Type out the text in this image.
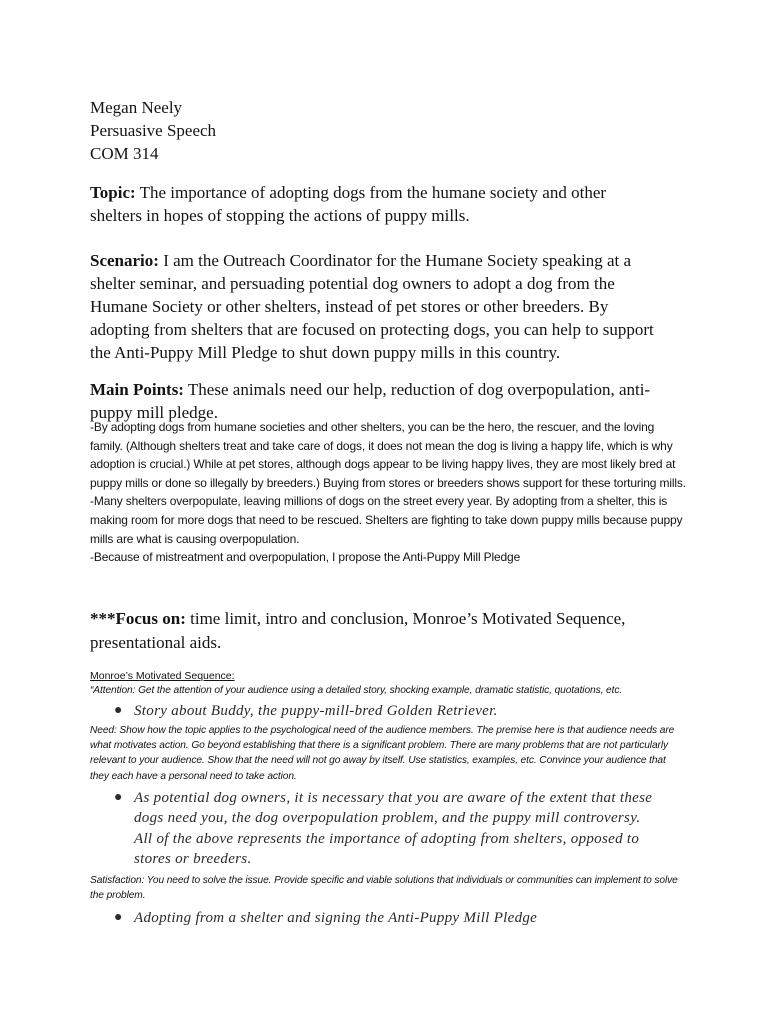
Megan Neely
Persuasive Speech
COM 314
Topic: The importance of adopting dogs from the humane society and other shelters in hopes of stopping the actions of puppy mills.
Scenario: I am the Outreach Coordinator for the Humane Society speaking at a shelter seminar, and persuading potential dog owners to adopt a dog from the Humane Society or other shelters, instead of pet stores or other breeders. By adopting from shelters that are focused on protecting dogs, you can help to support the Anti-Puppy Mill Pledge to shut down puppy mills in this country.
Main Points: These animals need our help, reduction of dog overpopulation, anti- puppy mill pledge.

-By adopting dogs from humane societies and other shelters, you can be the hero, the rescuer, and the loving family. (Although shelters treat and take care of dogs, it does not mean the dog is living a happy life, which is why adoption is crucial.) While at pet stores, although dogs appear to be living happy lives, they are most likely bred at puppy mills or done so illegally by breeders.) Buying from stores or breeders shows support for these torturing mills.

-Many shelters overpopulate, leaving millions of dogs on the street every year. By adopting from a shelter, this is making room for more dogs that need to be rescued. Shelters are fighting to take down puppy mills because puppy mills are what is causing overpopulation.

-Because of mistreatment and overpopulation, I propose the Anti-Puppy Mill Pledge

***Focus on: time limit, intro and conclusion, Monroe’s Motivated Sequence, presentational aids.
Monroe’s Motivated Sequence:
“Attention: Get the attention of your audience using a detailed story, shocking example, dramatic statistic, quotations, etc.
● Story about Buddy, the puppy-mill-bred Golden Retriever.
Need: Show how the topic applies to the psychological need of the audience members. The premise here is that audience needs are what motivates action. Go beyond establishing that there is a significant problem. There are many problems that are not particularly relevant to your audience. Show that the need will not go away by itself. Use statistics, examples, etc. Convince your audience that they each have a personal need to take action.
● As potential dog owners, it is necessary that you are aware of the extent that these dogs need you, the dog overpopulation problem, and the puppy mill controversy. All of the above represents the importance of adopting from shelters, opposed to stores or breeders.
Satisfaction: You need to solve the issue. Provide specific and viable solutions that individuals or communities can implement to solve the problem.
● Adopting from a shelter and signing the Anti-Puppy Mill Pledge
